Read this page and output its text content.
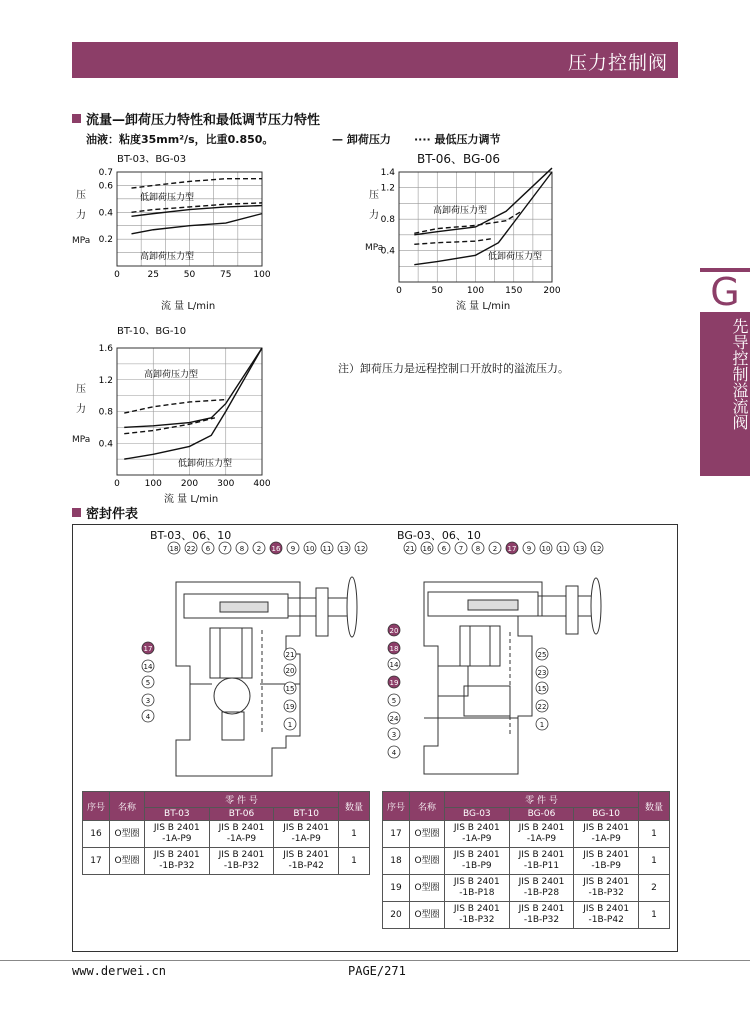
压力控制阀
G
先导控制溢流阀
流量—卸荷压力特性和最低调节压力特性
油液：粘度35mm²/s，比重0.850。	— 卸荷压力 ···· 最低压力调节
BT-03、BG-03	BT-06、BG-06
BT-10、BG-10
压力
MPa
流 量 L/min
压力
MPa
流 量 L/min
压力
MPa
流 量 L/min
0	25	50	75 100
0.2
0.4
0.6
0.7
低卸荷压力型
高卸荷压力型
0	50	100 150 200
0.4
0.8
1.2
1.4
高卸荷压力型
低卸荷压力型
0	100 200 300 400
0.4
0.8
1.2
1.6
高卸荷压力型
低卸荷压力型
注）卸荷压力是远程控制口开放时的溢流压力。
密封件表
BT-03、06、10	BG-03、06、10
18 22 6 7 8 2 16 9 10 11 13 12
17
14
5
3
4
21
20
15
19
1
21 16 6 7 8 2 17 9 10 11 13 12
20
18
14
19
5
24
3
4
25
23
15
22
1
序号	名称	零 件 号			数量
		BT-03	BT-06	BT-10	
16	O型圈	JIS B 2401 -1A-P9	JIS B 2401 -1A-P9	JIS B 2401 -1A-P9	1
17	O型圈	JIS B 2401 -1B-P32	JIS B 2401 -1B-P32	JIS B 2401 -1B-P42	1
序号	名称	零 件 号			数量
		BG-03	BG-06	BG-10	
17	O型圈	JIS B 2401 -1A-P9	JIS B 2401 -1A-P9	JIS B 2401 -1A-P9	1
18	O型圈	JIS B 2401 -1B-P9	JIS B 2401 -1B-P11	JIS B 2401 -1B-P9	1
19	O型圈	JIS B 2401 -1B-P18	JIS B 2401 -1B-P28	JIS B 2401 -1B-P32	2
20	O型圈	JIS B 2401 -1B-P32	JIS B 2401 -1B-P32	JIS B 2401 -1B-P42	1
www.derwei.cn	PAGE/271
